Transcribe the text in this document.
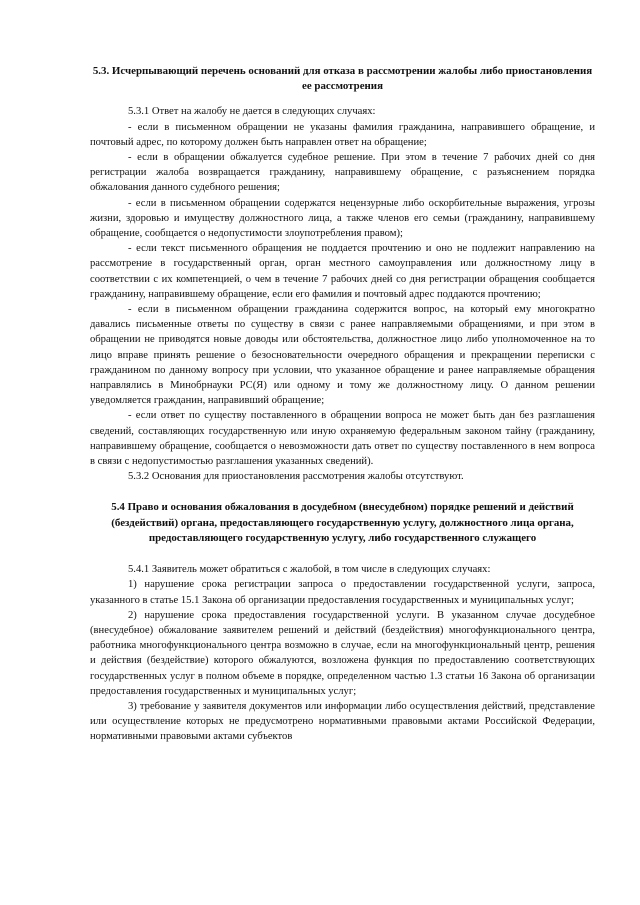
5.3. Исчерпывающий перечень оснований для отказа в рассмотрении жалобы либо приостановления ее рассмотрения

5.3.1 Ответ на жалобу не дается в следующих случаях:

- если в письменном обращении не указаны фамилия гражданина, направившего обращение, и почтовый адрес, по которому должен быть направлен ответ на обращение;

- если в обращении обжалуется судебное решение. При этом в течение 7 рабочих дней со дня регистрации жалоба возвращается гражданину, направившему обращение, с разъяснением порядка обжалования данного судебного решения;

- если в письменном обращении содержатся нецензурные либо оскорбительные выражения, угрозы жизни, здоровью и имуществу должностного лица, а также членов его семьи (гражданину, направившему обращение, сообщается о недопустимости злоупотребления правом);

- если текст письменного обращения не поддается прочтению и оно не подлежит направлению на рассмотрение в государственный орган, орган местного самоуправления или должностному лицу в соответствии с их компетенцией, о чем в течение 7 рабочих дней со дня регистрации обращения сообщается гражданину, направившему обращение, если его фамилия и почтовый адрес поддаются прочтению;

- если в письменном обращении гражданина содержится вопрос, на который ему многократно давались письменные ответы по существу в связи с ранее направляемыми обращениями, и при этом в обращении не приводятся новые доводы или обстоятельства, должностное лицо либо уполномоченное на то лицо вправе принять решение о безосновательности очередного обращения и прекращении переписки с гражданином по данному вопросу при условии, что указанное обращение и ранее направляемые обращения направлялись в Минобрнауки РС(Я) или одному и тому же должностному лицу. О данном решении уведомляется гражданин, направивший обращение;

- если ответ по существу поставленного в обращении вопроса не может быть дан без разглашения сведений, составляющих государственную или иную охраняемую федеральным законом тайну (гражданину, направившему обращение, сообщается о невозможности дать ответ по существу поставленного в нем вопроса в связи с недопустимостью разглашения указанных сведений).

5.3.2 Основания для приостановления рассмотрения жалобы отсутствуют.

5.4 Право и основания обжалования в досудебном (внесудебном) порядке решений и действий (бездействий) органа, предоставляющего государственную услугу, должностного лица органа, предоставляющего государственную услугу, либо государственного служащего

5.4.1 Заявитель может обратиться с жалобой, в том числе в следующих случаях:

1) нарушение срока регистрации запроса о предоставлении государственной услуги, запроса, указанного в статье 15.1 Закона об организации предоставления государственных и муниципальных услуг;

2) нарушение срока предоставления государственной услуги. В указанном случае досудебное (внесудебное) обжалование заявителем решений и действий (бездействия) многофункционального центра, работника многофункционального центра возможно в случае, если на многофункциональный центр, решения и действия (бездействие) которого обжалуются, возложена функция по предоставлению соответствующих государственных услуг в полном объеме в порядке, определенном частью 1.3 статьи 16 Закона об организации предоставления государственных и муниципальных услуг;

3) требование у заявителя документов или информации либо осуществления действий, представление или осуществление которых не предусмотрено нормативными правовыми актами Российской Федерации, нормативными правовыми актами субъектов
